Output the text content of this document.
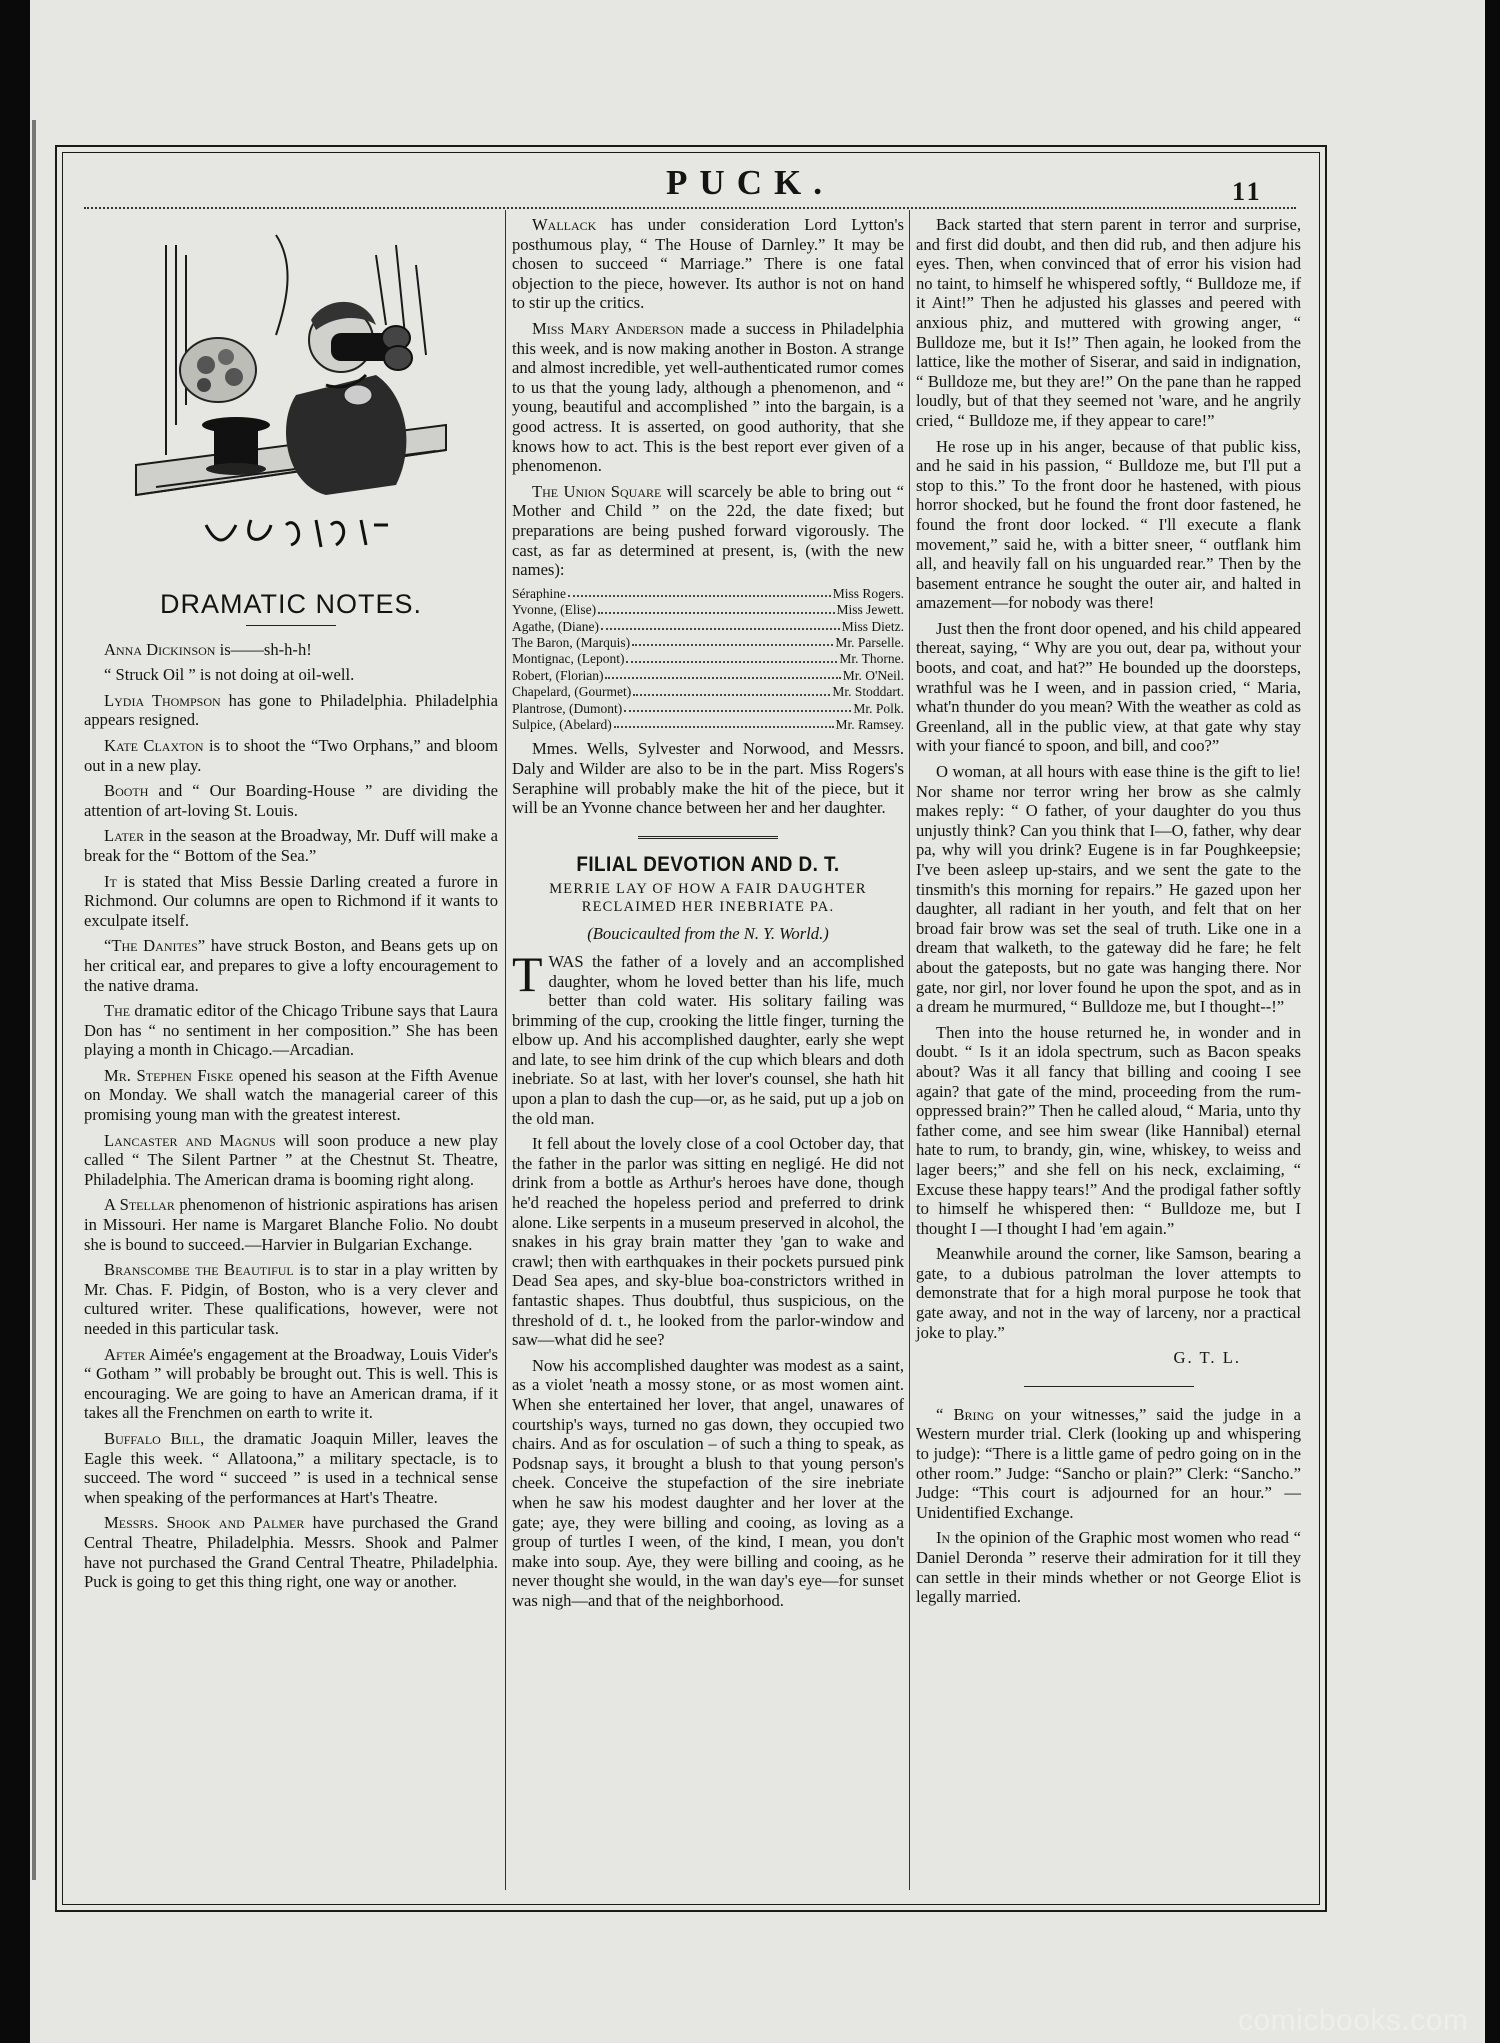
PUCK.	11
DRAMATIC NOTES.

Anna Dickinson is——sh-h-h!

“ Struck Oil ” is not doing at oil-well.

Lydia Thompson has gone to Philadelphia. Philadelphia appears resigned.

Kate Claxton is to shoot the “Two Orphans,” and bloom out in a new play.

Booth and “ Our Boarding-House ” are dividing the attention of art-loving St. Louis.

Later in the season at the Broadway, Mr. Duff will make a break for the “ Bottom of the Sea.”

It is stated that Miss Bessie Darling created a furore in Richmond. Our columns are open to Richmond if it wants to exculpate itself.

“The Danites” have struck Boston, and Beans gets up on her critical ear, and prepares to give a lofty encouragement to the native drama.

The dramatic editor of the Chicago Tribune says that Laura Don has “ no sentiment in her composition.” She has been playing a month in Chicago.—Arcadian.

Mr. Stephen Fiske opened his season at the Fifth Avenue on Monday. We shall watch the managerial career of this promising young man with the greatest interest.

Lancaster and Magnus will soon produce a new play called “ The Silent Partner ” at the Chestnut St. Theatre, Philadelphia. The American drama is booming right along.

A Stellar phenomenon of histrionic aspirations has arisen in Missouri. Her name is Margaret Blanche Folio. No doubt she is bound to succeed.—Harvier in Bulgarian Exchange.

Branscombe the Beautiful is to star in a play written by Mr. Chas. F. Pidgin, of Boston, who is a very clever and cultured writer. These qualifications, however, were not needed in this particular task.

After Aimée's engagement at the Broadway, Louis Vider's “ Gotham ” will probably be brought out. This is well. This is encouraging. We are going to have an American drama, if it takes all the Frenchmen on earth to write it.

Buffalo Bill, the dramatic Joaquin Miller, leaves the Eagle this week. “ Allatoona,” a military spectacle, is to succeed. The word “ succeed ” is used in a technical sense when speaking of the performances at Hart's Theatre.

Messrs. Shook and Palmer have purchased the Grand Central Theatre, Philadelphia. Messrs. Shook and Palmer have not purchased the Grand Central Theatre, Philadelphia. Puck is going to get this thing right, one way or another.

Wallack has under consideration Lord Lytton's posthumous play, “ The House of Darnley.” It may be chosen to succeed “ Marriage.” There is one fatal objection to the piece, however. Its author is not on hand to stir up the critics.

Miss Mary Anderson made a success in Philadelphia this week, and is now making another in Boston. A strange and almost incredible, yet well-authenticated rumor comes to us that the young lady, although a phenomenon, and “ young, beautiful and accomplished ” into the bargain, is a good actress. It is asserted, on good authority, that she knows how to act. This is the best report ever given of a phenomenon.

The Union Square will scarcely be able to bring out “ Mother and Child ” on the 22d, the date fixed; but preparations are being pushed forward vigorously. The cast, as far as determined at present, is, (with the new names):

Séraphine	Miss Rogers.
Yvonne, (Elise)	Miss Jewett.
Agathe, (Diane)	Miss Dietz.
The Baron, (Marquis)	Mr. Parselle.
Montignac, (Lepont)	Mr. Thorne.
Robert, (Florian)	Mr. O'Neil.
Chapelard, (Gourmet)	Mr. Stoddart.
Plantrose, (Dumont)	Mr. Polk.
Sulpice, (Abelard)	Mr. Ramsey.

Mmes. Wells, Sylvester and Norwood, and Messrs. Daly and Wilder are also to be in the part. Miss Rogers's Seraphine will probably make the hit of the piece, but it will be an Yvonne chance between her and her daughter.

FILIAL DEVOTION AND D. T.
MERRIE LAY OF HOW A FAIR DAUGHTER RECLAIMED HER INEBRIATE PA.
(Boucicaulted from the N. Y. World.)

TWAS the father of a lovely and an accomplished daughter, whom he loved better than his life, much better than cold water. His solitary failing was brimming of the cup, crooking the little finger, turning the elbow up. And his accomplished daughter, early she wept and late, to see him drink of the cup which blears and doth inebriate. So at last, with her lover's counsel, she hath hit upon a plan to dash the cup—or, as he said, put up a job on the old man.

It fell about the lovely close of a cool October day, that the father in the parlor was sitting en negligé. He did not drink from a bottle as Arthur's heroes have done, though he'd reached the hopeless period and preferred to drink alone. Like serpents in a museum preserved in alcohol, the snakes in his gray brain matter they 'gan to wake and crawl; then with earthquakes in their pockets pursued pink Dead Sea apes, and sky-blue boa-constrictors writhed in fantastic shapes. Thus doubtful, thus suspicious, on the threshold of d. t., he looked from the parlor-window and saw—what did he see?

Now his accomplished daughter was modest as a saint, as a violet 'neath a mossy stone, or as most women aint. When she entertained her lover, that angel, unawares of courtship's ways, turned no gas down, they occupied two chairs. And as for osculation – of such a thing to speak, as Podsnap says, it brought a blush to that young person's cheek. Conceive the stupefaction of the sire inebriate when he saw his modest daughter and her lover at the gate; aye, they were billing and cooing, as loving as a group of turtles I ween, of the kind, I mean, you don't make into soup. Aye, they were billing and cooing, as he never thought she would, in the wan day's eye—for sunset was nigh—and that of the neighborhood.

Back started that stern parent in terror and surprise, and first did doubt, and then did rub, and then adjure his eyes. Then, when convinced that of error his vision had no taint, to himself he whispered softly, “ Bulldoze me, if it Aint!” Then he adjusted his glasses and peered with anxious phiz, and muttered with growing anger, “ Bulldoze me, but it Is!” Then again, he looked from the lattice, like the mother of Siserar, and said in indignation, “ Bulldoze me, but they are!” On the pane than he rapped loudly, but of that they seemed not 'ware, and he angrily cried, “ Bulldoze me, if they appear to care!”

He rose up in his anger, because of that public kiss, and he said in his passion, “ Bulldoze me, but I'll put a stop to this.” To the front door he hastened, with pious horror shocked, but he found the front door fastened, he found the front door locked. “ I'll execute a flank movement,” said he, with a bitter sneer, “ outflank him all, and heavily fall on his unguarded rear.” Then by the basement entrance he sought the outer air, and halted in amazement—for nobody was there!

Just then the front door opened, and his child appeared thereat, saying, “ Why are you out, dear pa, without your boots, and coat, and hat?” He bounded up the doorsteps, wrathful was he I ween, and in passion cried, “ Maria, what'n thunder do you mean? With the weather as cold as Greenland, all in the public view, at that gate why stay with your fiancé to spoon, and bill, and coo?”

O woman, at all hours with ease thine is the gift to lie! Nor shame nor terror wring her brow as she calmly makes reply: “ O father, of your daughter do you thus unjustly think? Can you think that I—O, father, why dear pa, why will you drink? Eugene is in far Poughkeepsie; I've been asleep up-stairs, and we sent the gate to the tinsmith's this morning for repairs.” He gazed upon her daughter, all radiant in her youth, and felt that on her broad fair brow was set the seal of truth. Like one in a dream that walketh, to the gateway did he fare; he felt about the gateposts, but no gate was hanging there. Nor gate, nor girl, nor lover found he upon the spot, and as in a dream he murmured, “ Bulldoze me, but I thought--!”

Then into the house returned he, in wonder and in doubt. “ Is it an idola spectrum, such as Bacon speaks about? Was it all fancy that billing and cooing I see again? that gate of the mind, proceeding from the rum-oppressed brain?” Then he called aloud, “ Maria, unto thy father come, and see him swear (like Hannibal) eternal hate to rum, to brandy, gin, wine, whiskey, to weiss and lager beers;” and she fell on his neck, exclaiming, “ Excuse these happy tears!” And the prodigal father softly to himself he whispered then: “ Bulldoze me, but I thought I —I thought I had 'em again.”

Meanwhile around the corner, like Samson, bearing a gate, to a dubious patrolman the lover attempts to demonstrate that for a high moral purpose he took that gate away, and not in the way of larceny, nor a practical joke to play.”

G. T. L.

“ Bring on your witnesses,” said the judge in a Western murder trial. Clerk (looking up and whispering to judge): “There is a little game of pedro going on in the other room.” Judge: “Sancho or plain?” Clerk: “Sancho.” Judge: “This court is adjourned for an hour.” —Unidentified Exchange.

In the opinion of the Graphic most women who read “ Daniel Deronda ” reserve their admiration for it till they can settle in their minds whether or not George Eliot is legally married.

comicbooks.com
